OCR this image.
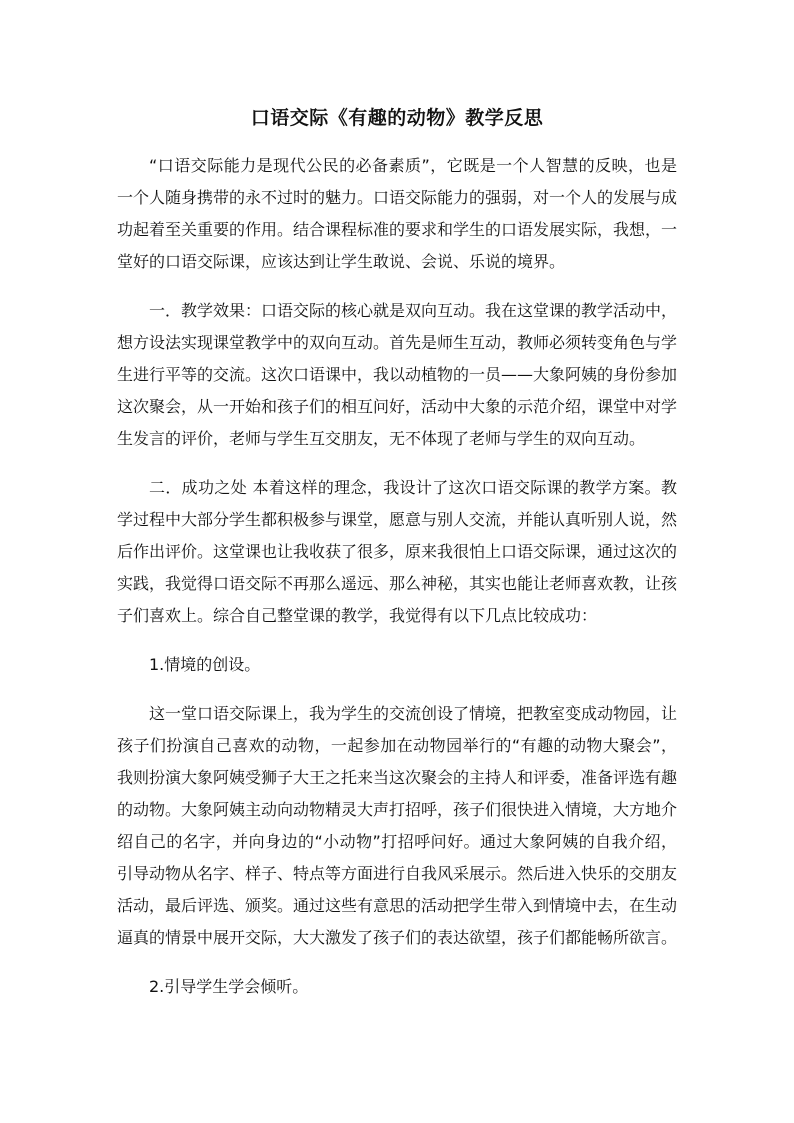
口语交际《有趣的动物》教学反思

“口语交际能力是现代公民的必备素质”，它既是一个人智慧的反映，也是一个人随身携带的永不过时的魅力。口语交际能力的强弱，对一个人的发展与成功起着至关重要的作用。结合课程标准的要求和学生的口语发展实际，我想，一堂好的口语交际课，应该达到让学生敢说、会说、乐说的境界。

一．教学效果：口语交际的核心就是双向互动。我在这堂课的教学活动中，想方设法实现课堂教学中的双向互动。首先是师生互动，教师必须转变角色与学生进行平等的交流。这次口语课中，我以动植物的一员——大象阿姨的身份参加这次聚会，从一开始和孩子们的相互问好，活动中大象的示范介绍，课堂中对学生发言的评价，老师与学生互交朋友，无不体现了老师与学生的双向互动。

二．成功之处 本着这样的理念，我设计了这次口语交际课的教学方案。教学过程中大部分学生都积极参与课堂，愿意与别人交流，并能认真听别人说，然后作出评价。这堂课也让我收获了很多，原来我很怕上口语交际课，通过这次的实践，我觉得口语交际不再那么遥远、那么神秘，其实也能让老师喜欢教，让孩子们喜欢上。综合自己整堂课的教学，我觉得有以下几点比较成功：

1.情境的创设。

这一堂口语交际课上，我为学生的交流创设了情境，把教室变成动物园，让孩子们扮演自己喜欢的动物，一起参加在动物园举行的“有趣的动物大聚会”，我则扮演大象阿姨受狮子大王之托来当这次聚会的主持人和评委，准备评选有趣的动物。大象阿姨主动向动物精灵大声打招呼，孩子们很快进入情境，大方地介绍自己的名字，并向身边的“小动物”打招呼问好。通过大象阿姨的自我介绍，引导动物从名字、样子、特点等方面进行自我风采展示。然后进入快乐的交朋友活动，最后评选、颁奖。通过这些有意思的活动把学生带入到情境中去，在生动逼真的情景中展开交际，大大激发了孩子们的表达欲望，孩子们都能畅所欲言。

2.引导学生学会倾听。
